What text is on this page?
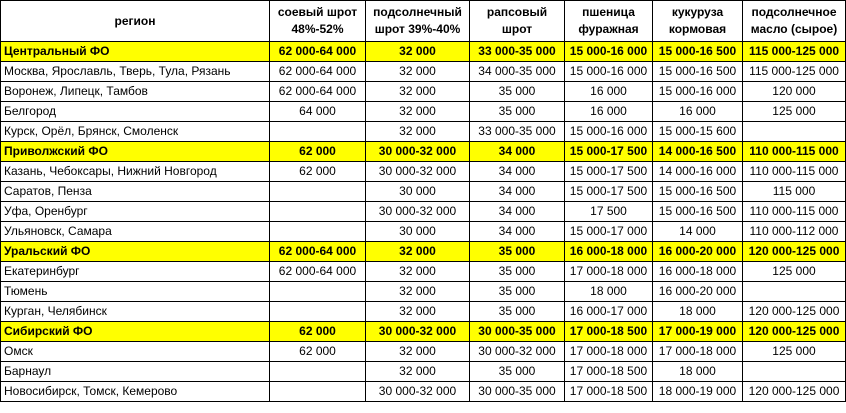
регион	соевый шрот 48%-52%	подсолнечный шрот 39%-40%	рапсовый шрот	пшеница фуражная	кукуруза кормовая	подсолнечное масло (сырое)
Центральный ФО	62 000-64 000	32 000	33 000-35 000	15 000-16 000	15 000-16 500	115 000-125 000
Москва, Ярославль, Тверь, Тула, Рязань	62 000-64 000	32 000	34 000-35 000	15 000-16 000	15 000-16 500	115 000-125 000
Воронеж, Липецк, Тамбов	62 000-64 000	32 000	35 000	16 000	15 000-16 000	120 000
Белгород	64 000	32 000	35 000	16 000	16 000	125 000
Курск, Орёл, Брянск, Смоленск		32 000	33 000-35 000	15 000-16 000	15 000-15 600	
Приволжский ФО	62 000	30 000-32 000	34 000	15 000-17 500	14 000-16 500	110 000-115 000
Казань, Чебоксары, Нижний Новгород	62 000	30 000-32 000	34 000	15 000-17 500	14 000-16 000	110 000-115 000
Саратов, Пенза		30 000	34 000	15 000-17 500	15 000-16 500	115 000
Уфа, Оренбург		30 000-32 000	34 000	17 500	15 000-16 500	110 000-115 000
Ульяновск, Самара		30 000	34 000	15 000-17 000	14 000	110 000-112 000
Уральский ФО	62 000-64 000	32 000	35 000	16 000-18 000	16 000-20 000	120 000-125 000
Екатеринбург	62 000-64 000	32 000	35 000	17 000-18 000	16 000-18 000	125 000
Тюмень		32 000	35 000	18 000	16 000-20 000	
Курган, Челябинск		32 000	35 000	16 000-17 000	18 000	120 000-125 000
Сибирский ФО	62 000	30 000-32 000	30 000-35 000	17 000-18 500	17 000-19 000	120 000-125 000
Омск	62 000	32 000	30 000-32 000	17 000-18 000	17 000-18 000	125 000
Барнаул		32 000	35 000	17 000-18 500	18 000	
Новосибирск, Томск, Кемерово		30 000-32 000	30 000-35 000	17 000-18 500	18 000-19 000	120 000-125 000
